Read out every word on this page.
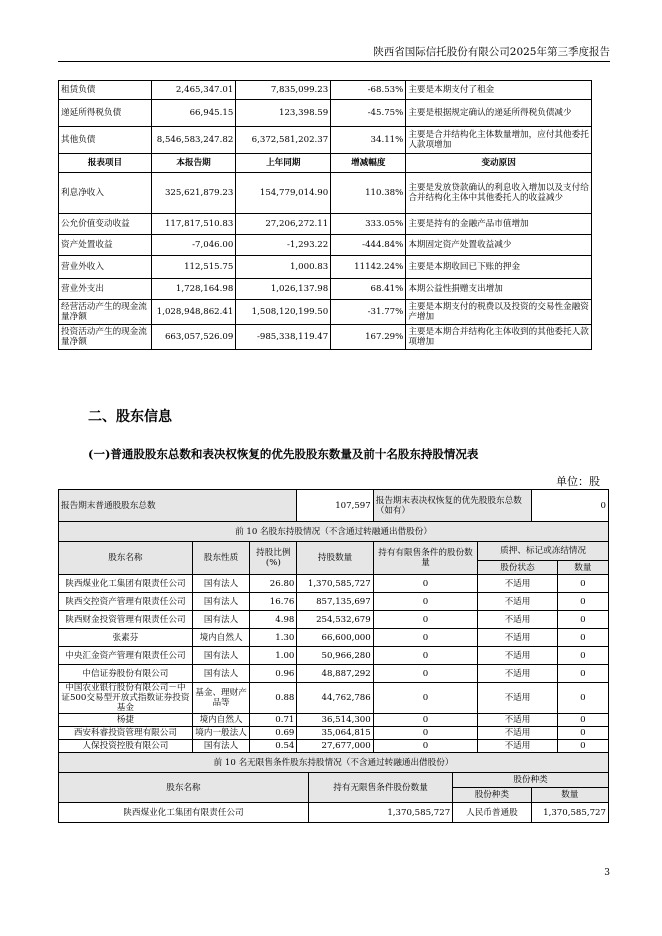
陕西省国际信托股份有限公司2025年第三季度报告
租赁负债	2,465,347.01	7,835,099.23	-68.53%	主要是本期支付了租金
递延所得税负债	66,945.15	123,398.59	-45.75%	主要是根据规定确认的递延所得税负债减少
其他负债	8,546,583,247.82	6,372,581,202.37	34.11%	主要是合并结构化主体数量增加，应付其他委托人款项增加
报表项目	本报告期	上年同期	增减幅度	变动原因
利息净收入	325,621,879.23	154,779,014.90	110.38%	主要是发放贷款确认的利息收入增加以及支付给合并结构化主体中其他委托人的收益减少
公允价值变动收益	117,817,510.83	27,206,272.11	333.05%	主要是持有的金融产品市值增加
资产处置收益	-7,046.00	-1,293.22	-444.84%	本期固定资产处置收益减少
营业外收入	112,515.75	1,000.83	11142.24%	主要是本期收回已下账的押金
营业外支出	1,728,164.98	1,026,137.98	68.41%	本期公益性捐赠支出增加
经营活动产生的现金流量净额	1,028,948,862.41	1,508,120,199.50	-31.77%	主要是本期支付的税费以及投资的交易性金融资产增加
投资活动产生的现金流量净额	663,057,526.09	-985,338,119.47	167.29%	主要是本期合并结构化主体收到的其他委托人款项增加
二、股东信息
(一)普通股股东总数和表决权恢复的优先股股东数量及前十名股东持股情况表
单位：股
报告期末普通股股东总数			107,597		报告期末表决权恢复的优先股股东总数（如有）			0	
前 10 名股东持股情况（不含通过转融通出借股份）									
股东名称	股东性质	持股比例(%)	持股数量		持有有限售条件的股份数量		质押、标记或冻结情况		
							股份状态		数量
陕西煤业化工集团有限责任公司	国有法人	26.80	1,370,585,727		0		不适用		0
陕西交控资产管理有限责任公司	国有法人	16.76	857,135,697		0		不适用		0
陕西财金投资管理有限责任公司	国有法人	4.98	254,532,679		0		不适用		0
张素芬	境内自然人	1.30	66,600,000		0		不适用		0
中央汇金资产管理有限责任公司	国有法人	1.00	50,966,280		0		不适用		0
中信证券股份有限公司	国有法人	0.96	48,887,292		0		不适用		0
中国农业银行股份有限公司－中证500交易型开放式指数证券投资基金	基金、理财产品等	0.88	44,762,786		0		不适用		0
杨捷	境内自然人	0.71	36,514,300		0		不适用		0
西安科睿投资管理有限公司	境内一般法人	0.69	35,064,815		0		不适用		0
人保投资控股有限公司	国有法人	0.54	27,677,000		0		不适用		0
前 10 名无限售条件股东持股情况（不含通过转融通出借股份）									
股东名称				持有无限售条件股份数量		股份种类			
						股份种类		数量	
陕西煤业化工集团有限责任公司				1,370,585,727		人民币普通股		1,370,585,727	
3
